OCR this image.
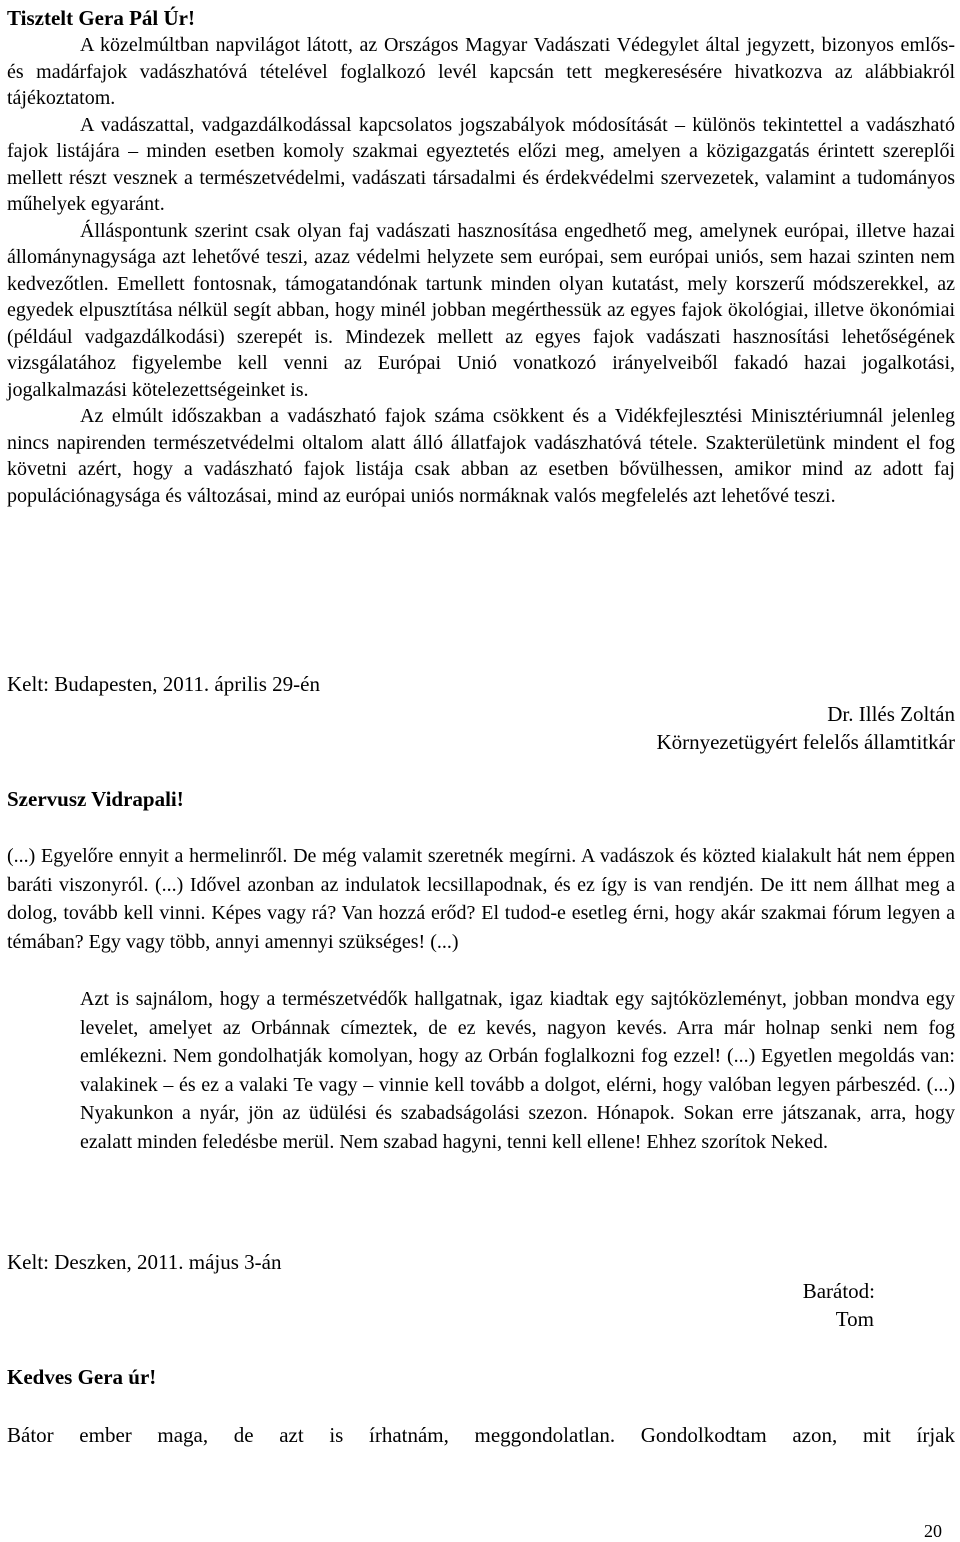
Tisztelt Gera Pál Úr!

A közelmúltban napvilágot látott, az Országos Magyar Vadászati Védegylet által jegyzett, bizonyos emlős- és madárfajok vadászhatóvá tételével foglalkozó levél kapcsán tett megkeresésére hivatkozva az alábbiakról tájékoztatom.

A vadászattal, vadgazdálkodással kapcsolatos jogszabályok módosítását – különös tekintettel a vadászható fajok listájára – minden esetben komoly szakmai egyeztetés előzi meg, amelyen a közigazgatás érintett szereplői mellett részt vesznek a természetvédelmi, vadászati társadalmi és érdekvédelmi szervezetek, valamint a tudományos műhelyek egyaránt.

Álláspontunk szerint csak olyan faj vadászati hasznosítása engedhető meg, amelynek európai, illetve hazai állománynagysága azt lehetővé teszi, azaz védelmi helyzete sem európai, sem európai uniós, sem hazai szinten nem kedvezőtlen. Emellett fontosnak, támogatandónak tartunk minden olyan kutatást, mely korszerű módszerekkel, az egyedek elpusztítása nélkül segít abban, hogy minél jobban megérthessük az egyes fajok ökológiai, illetve ökonómiai (például vadgazdálkodási) szerepét is. Mindezek mellett az egyes fajok vadászati hasznosítási lehetőségének vizsgálatához figyelembe kell venni az Európai Unió vonatkozó irányelveiből fakadó hazai jogalkotási, jogalkalmazási kötelezettségeinket is.

Az elmúlt időszakban a vadászható fajok száma csökkent és a Vidékfejlesztési Minisztériumnál jelenleg nincs napirenden természetvédelmi oltalom alatt álló állatfajok vadászhatóvá tétele. Szakterületünk mindent el fog követni azért, hogy a vadászható fajok listája csak abban az esetben bővülhessen, amikor mind az adott faj populációnagysága és változásai, mind az európai uniós normáknak valós megfelelés azt lehetővé teszi.

Kelt: Budapesten, 2011. április 29-én
Dr. Illés Zoltán
Környezetügyért felelős államtitkár
Szervusz Vidrapali!

(...) Egyelőre ennyit a hermelinről. De még valamit szeretnék megírni. A vadászok és közted kialakult hát nem éppen baráti viszonyról. (...) Idővel azonban az indulatok lecsillapodnak, és ez így is van rendjén. De itt nem állhat meg a dolog, tovább kell vinni. Képes vagy rá? Van hozzá erőd? El tudod-e esetleg érni, hogy akár szakmai fórum legyen a témában? Egy vagy több, annyi amennyi szükséges! (...)

Azt is sajnálom, hogy a természetvédők hallgatnak, igaz kiadtak egy sajtóközleményt, jobban mondva egy levelet, amelyet az Orbánnak címeztek, de ez kevés, nagyon kevés. Arra már holnap senki nem fog emlékezni. Nem gondolhatják komolyan, hogy az Orbán foglalkozni fog ezzel! (...) Egyetlen megoldás van: valakinek – és ez a valaki Te vagy – vinnie kell tovább a dolgot, elérni, hogy valóban legyen párbeszéd. (...) Nyakunkon a nyár, jön az üdülési és szabadságolási szezon. Hónapok. Sokan erre játszanak, arra, hogy ezalatt minden feledésbe merül. Nem szabad hagyni, tenni kell ellene! Ehhez szorítok Neked.

Kelt: Deszken, 2011. május 3-án
Barátod:
Tom
Kedves Gera úr!

Bátor ember maga, de azt is írhatnám, meggondolatlan. Gondolkodtam azon, mit írjak

20
